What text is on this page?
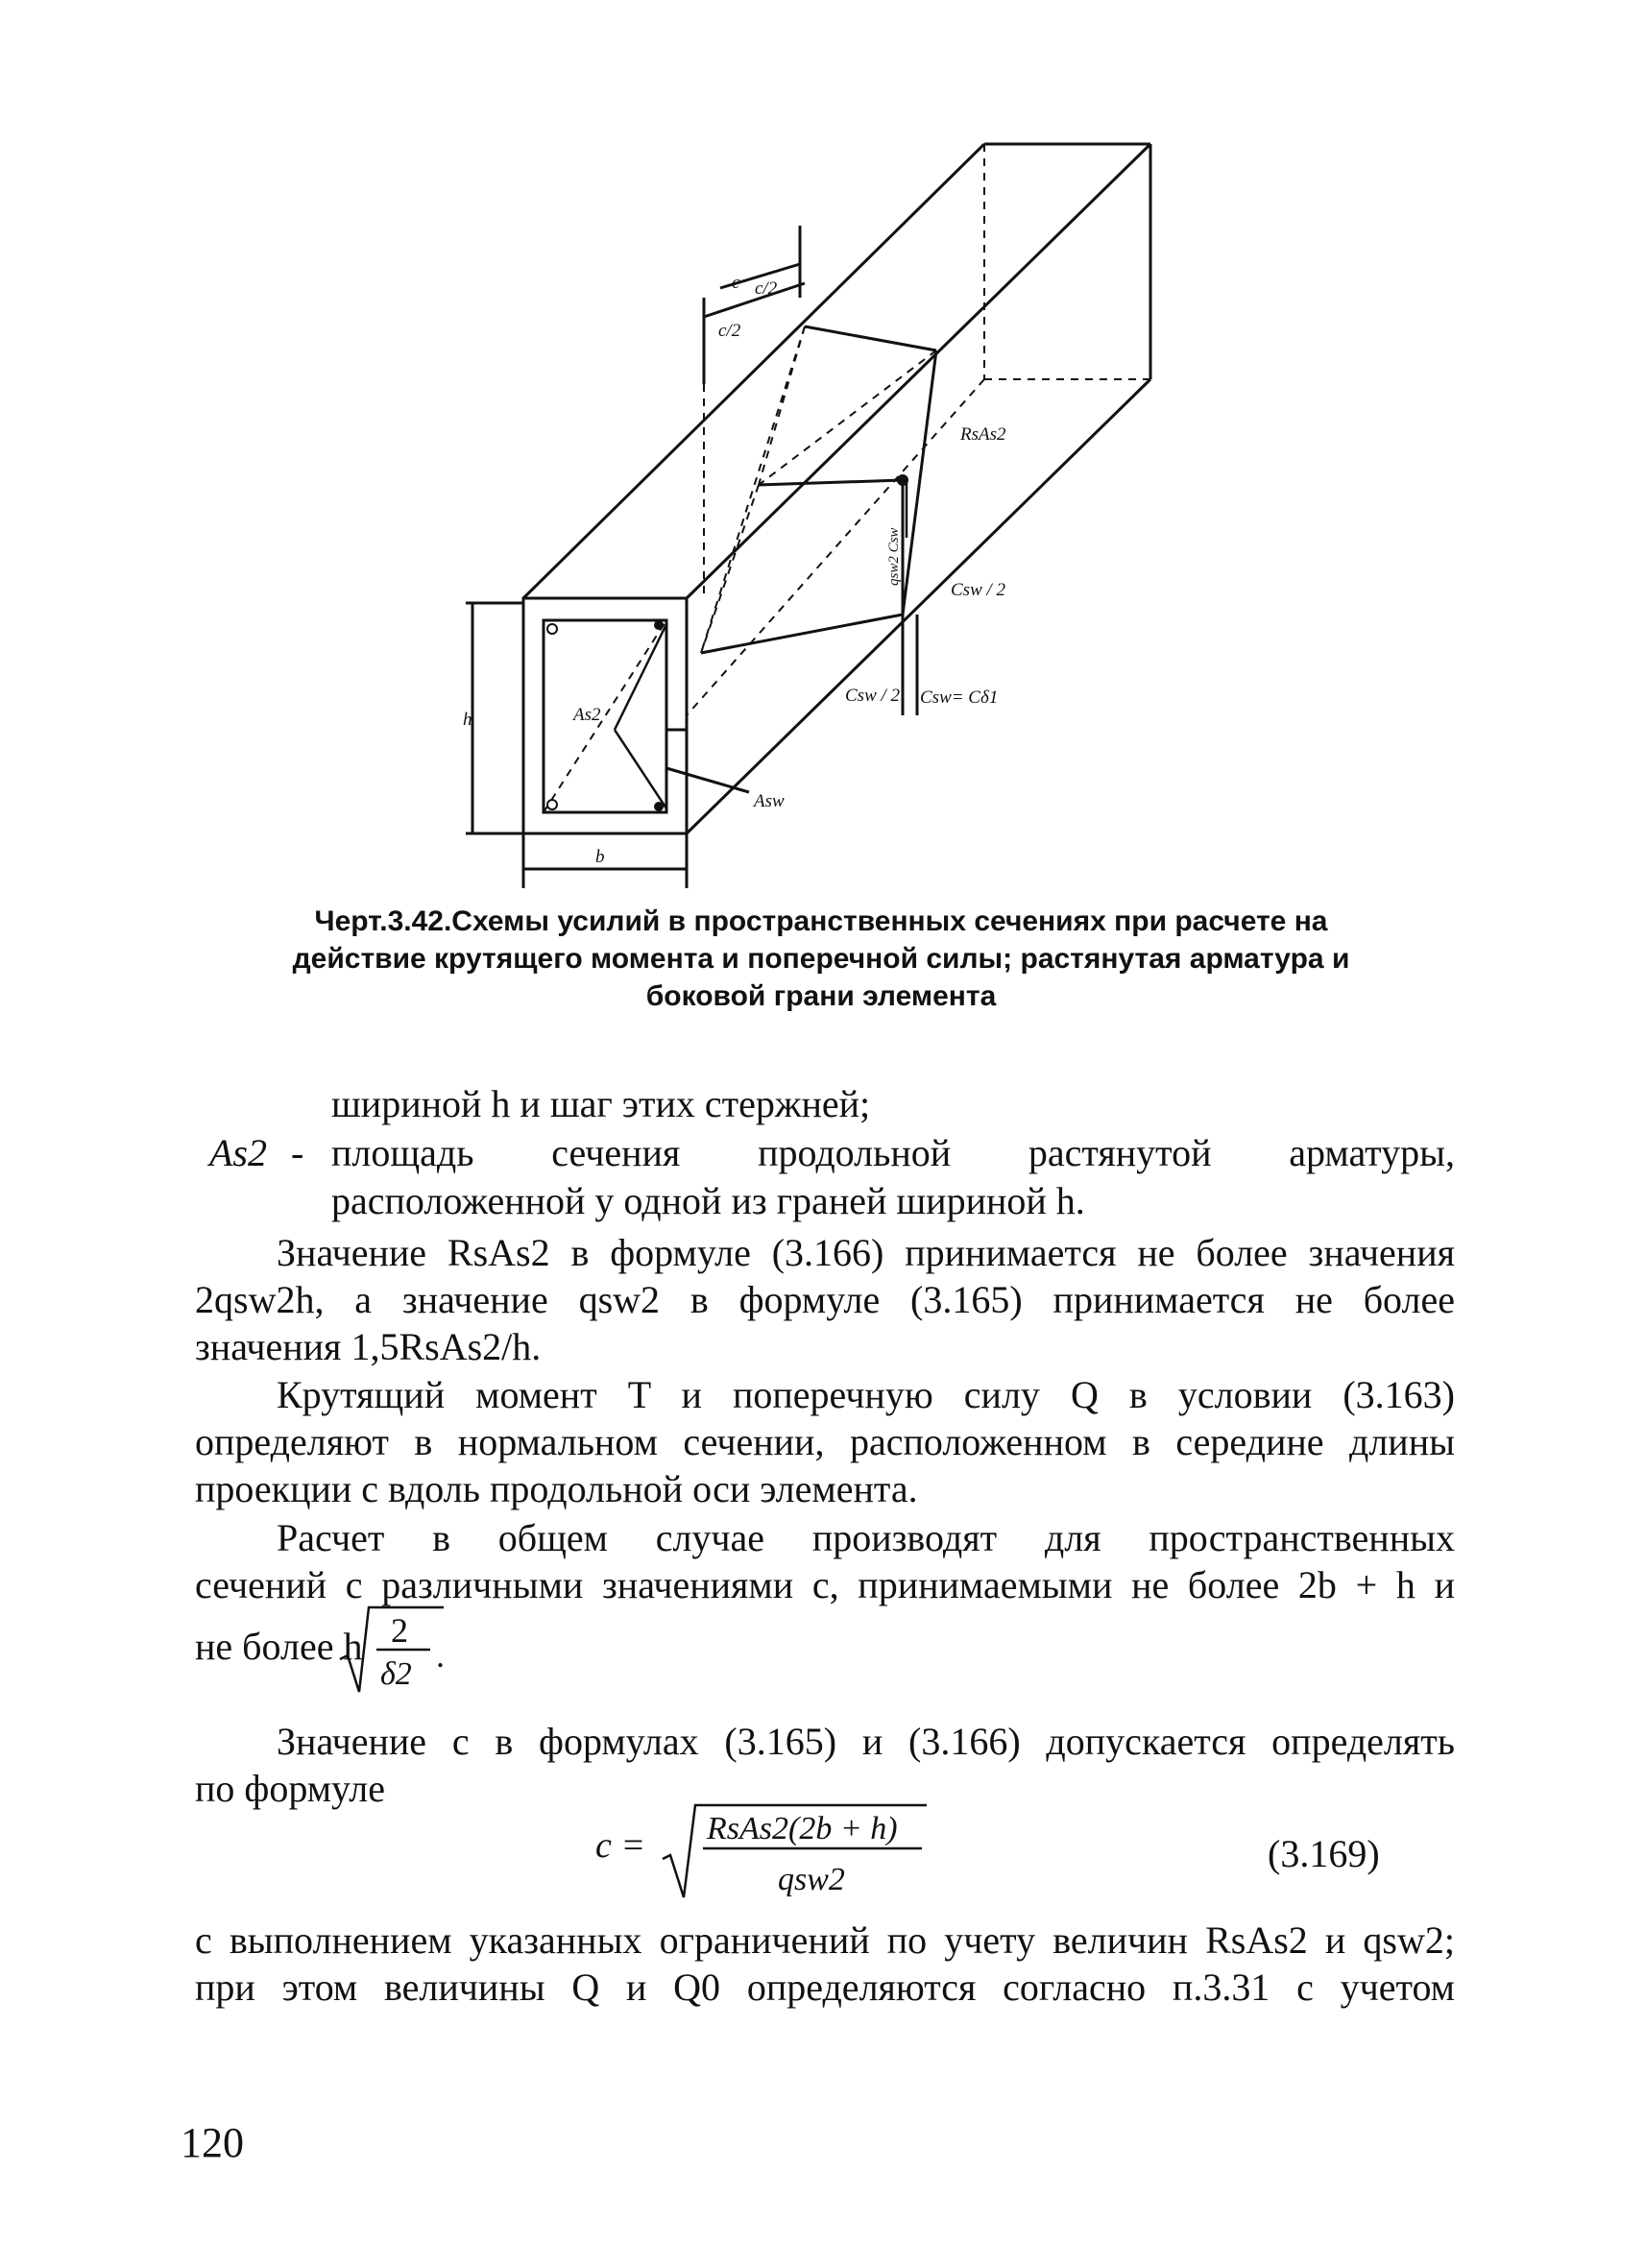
c c/2
c/2
RsAs2
qsw2 Csw
Csw / 2
Csw / 2 Csw= Cδ1
As2
Asw
h
b
Черт.3.42.Схемы усилий в пространственных сечениях при расчете на
действие крутящего момента и поперечной силы; растянутая арматура и
боковой грани элемента
шириной h и шаг этих стержней;
As2 - площадь сечения продольной растянутой арматуры,
расположенной у одной из граней шириной h.
Значение RsAs2 в формуле (3.166) принимается не более значения
2qsw2h, а значение qsw2 в формуле (3.165) принимается не более
значения 1,5RsAs2/h.
Крутящий момент T и поперечную силу Q в условии (3.163)
определяют в нормальном сечении, расположенном в середине длины
проекции c вдоль продольной оси элемента.
Расчет в общем случае производят для пространственных
сечений с различными значениями c, принимаемыми не более 2b + h и
не более h 2
δ2 .
Значение c в формулах (3.165) и (3.166) допускается определять
по формуле
c = RsAs2(2b + h)
qsw2
(3.169)
с выполнением указанных ограничений по учету величин RsAs2 и qsw2;
при этом величины Q и Q0 определяются согласно п.3.31 с учетом
120
